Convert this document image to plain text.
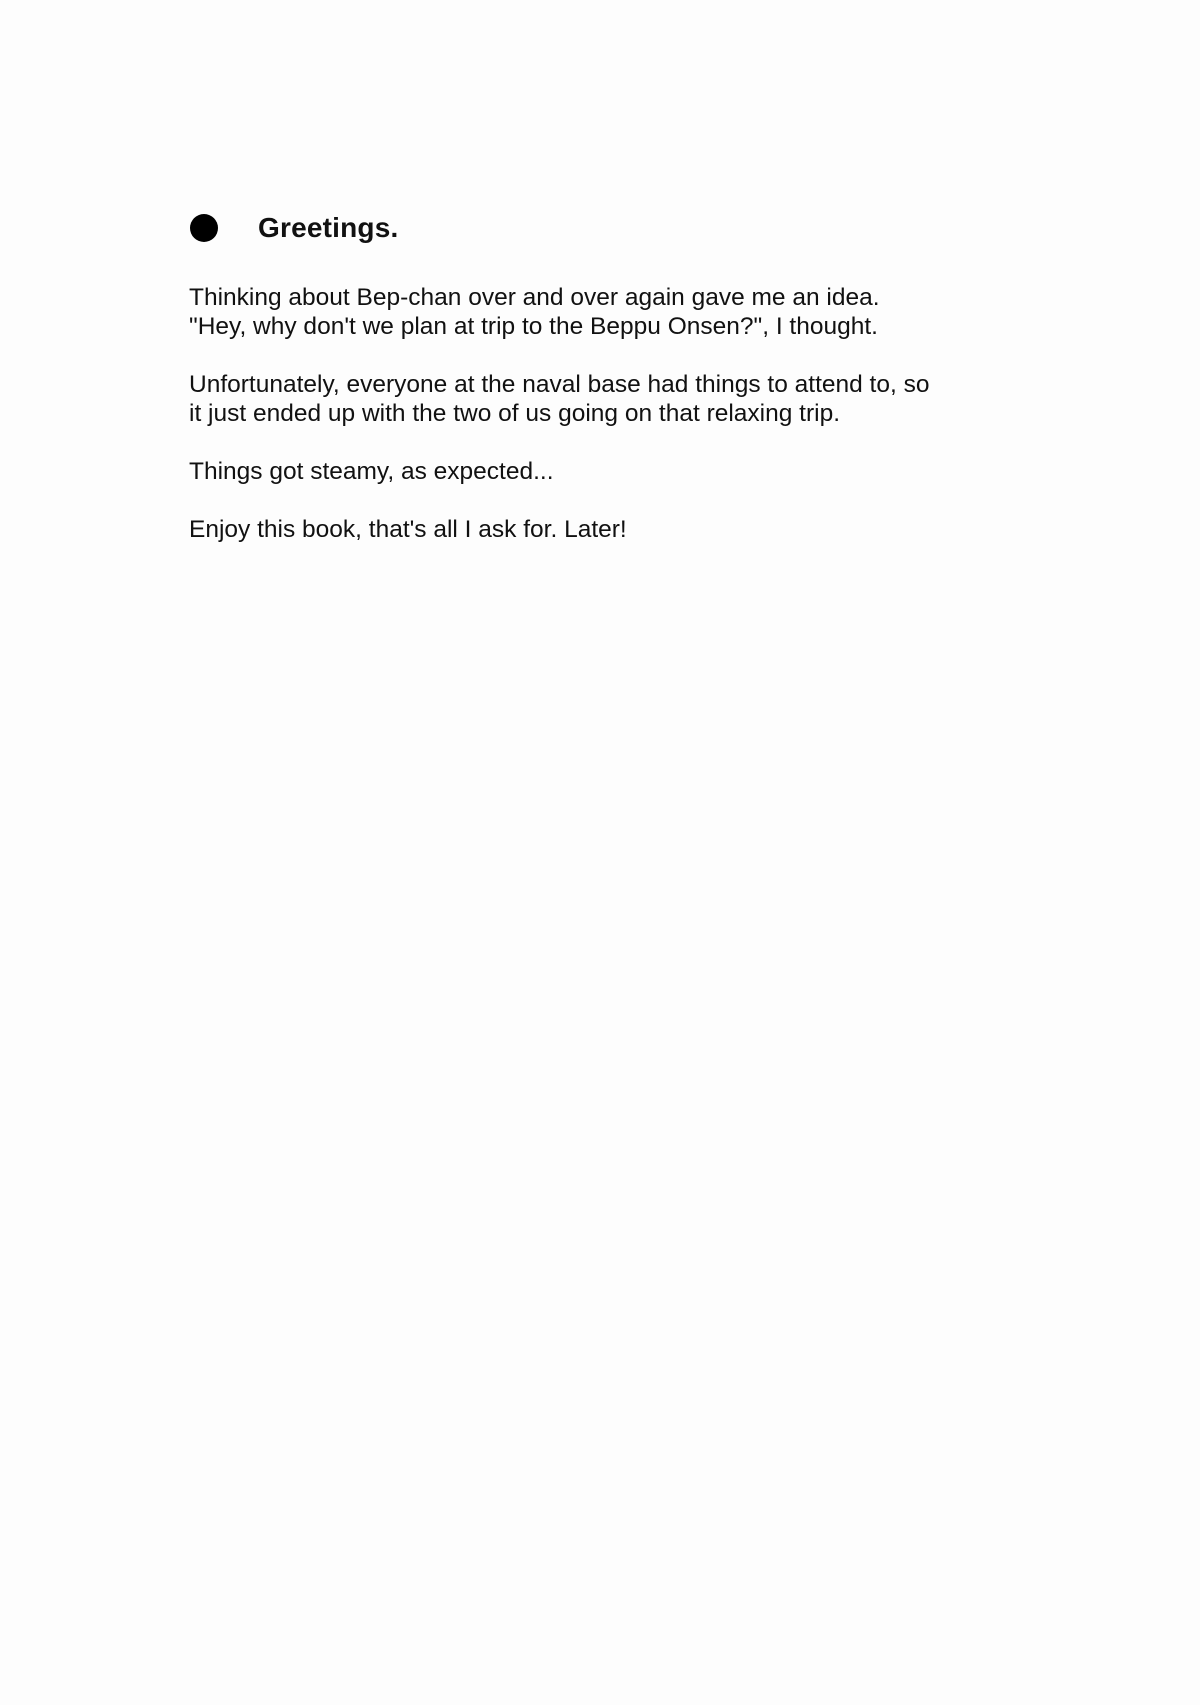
Greetings.

Thinking about Bep-chan over and over again gave me an idea.
"Hey, why don't we plan at trip to the Beppu Onsen?", I thought.

Unfortunately, everyone at the naval base had things to attend to, so
it just ended up with the two of us going on that relaxing trip.

Things got steamy, as expected...

Enjoy this book, that's all I ask for. Later!
